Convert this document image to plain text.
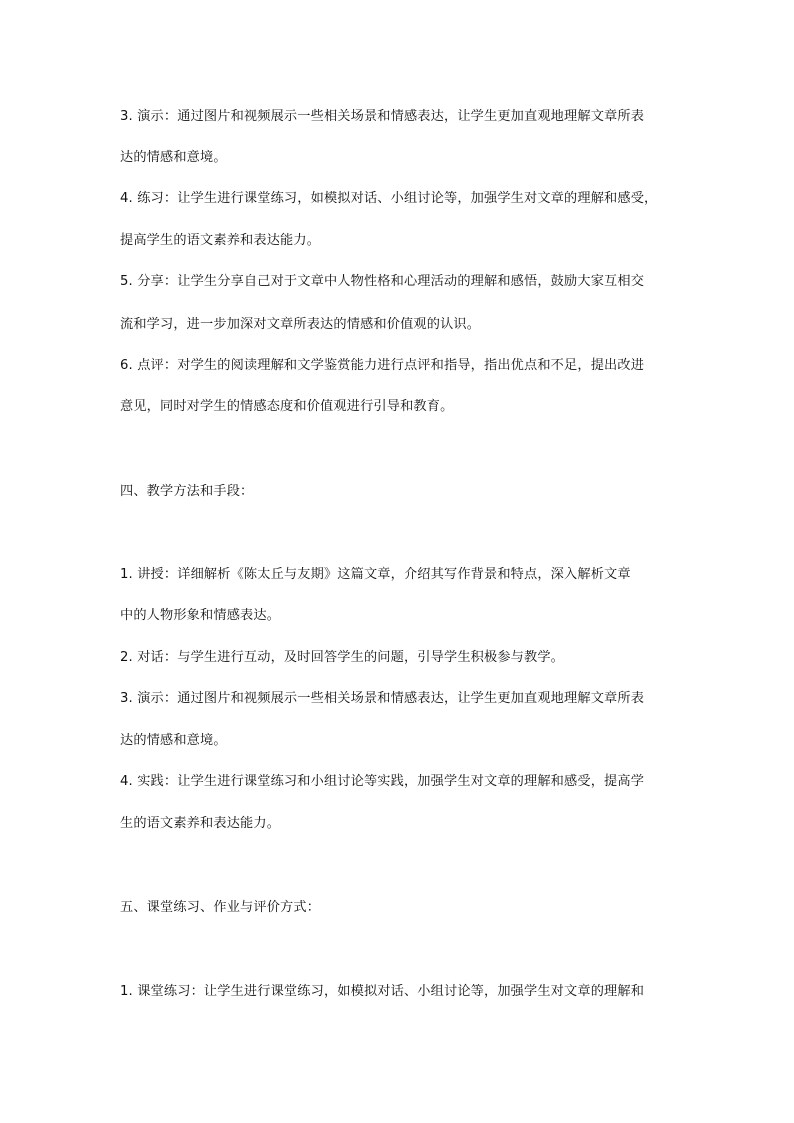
3. 演示：通过图片和视频展示一些相关场景和情感表达，让学生更加直观地理解文章所表
达的情感和意境。
4. 练习：让学生进行课堂练习，如模拟对话、小组讨论等，加强学生对文章的理解和感受，
提高学生的语文素养和表达能力。
5. 分享：让学生分享自己对于文章中人物性格和心理活动的理解和感悟，鼓励大家互相交
流和学习，进一步加深对文章所表达的情感和价值观的认识。
6. 点评：对学生的阅读理解和文学鉴赏能力进行点评和指导，指出优点和不足，提出改进
意见，同时对学生的情感态度和价值观进行引导和教育。
四、教学方法和手段：
1. 讲授：详细解析《陈太丘与友期》这篇文章，介绍其写作背景和特点，深入解析文章
中的人物形象和情感表达。
2. 对话：与学生进行互动，及时回答学生的问题，引导学生积极参与教学。
3. 演示：通过图片和视频展示一些相关场景和情感表达，让学生更加直观地理解文章所表
达的情感和意境。
4. 实践：让学生进行课堂练习和小组讨论等实践，加强学生对文章的理解和感受，提高学
生的语文素养和表达能力。
五、课堂练习、作业与评价方式：
1. 课堂练习：让学生进行课堂练习，如模拟对话、小组讨论等，加强学生对文章的理解和
